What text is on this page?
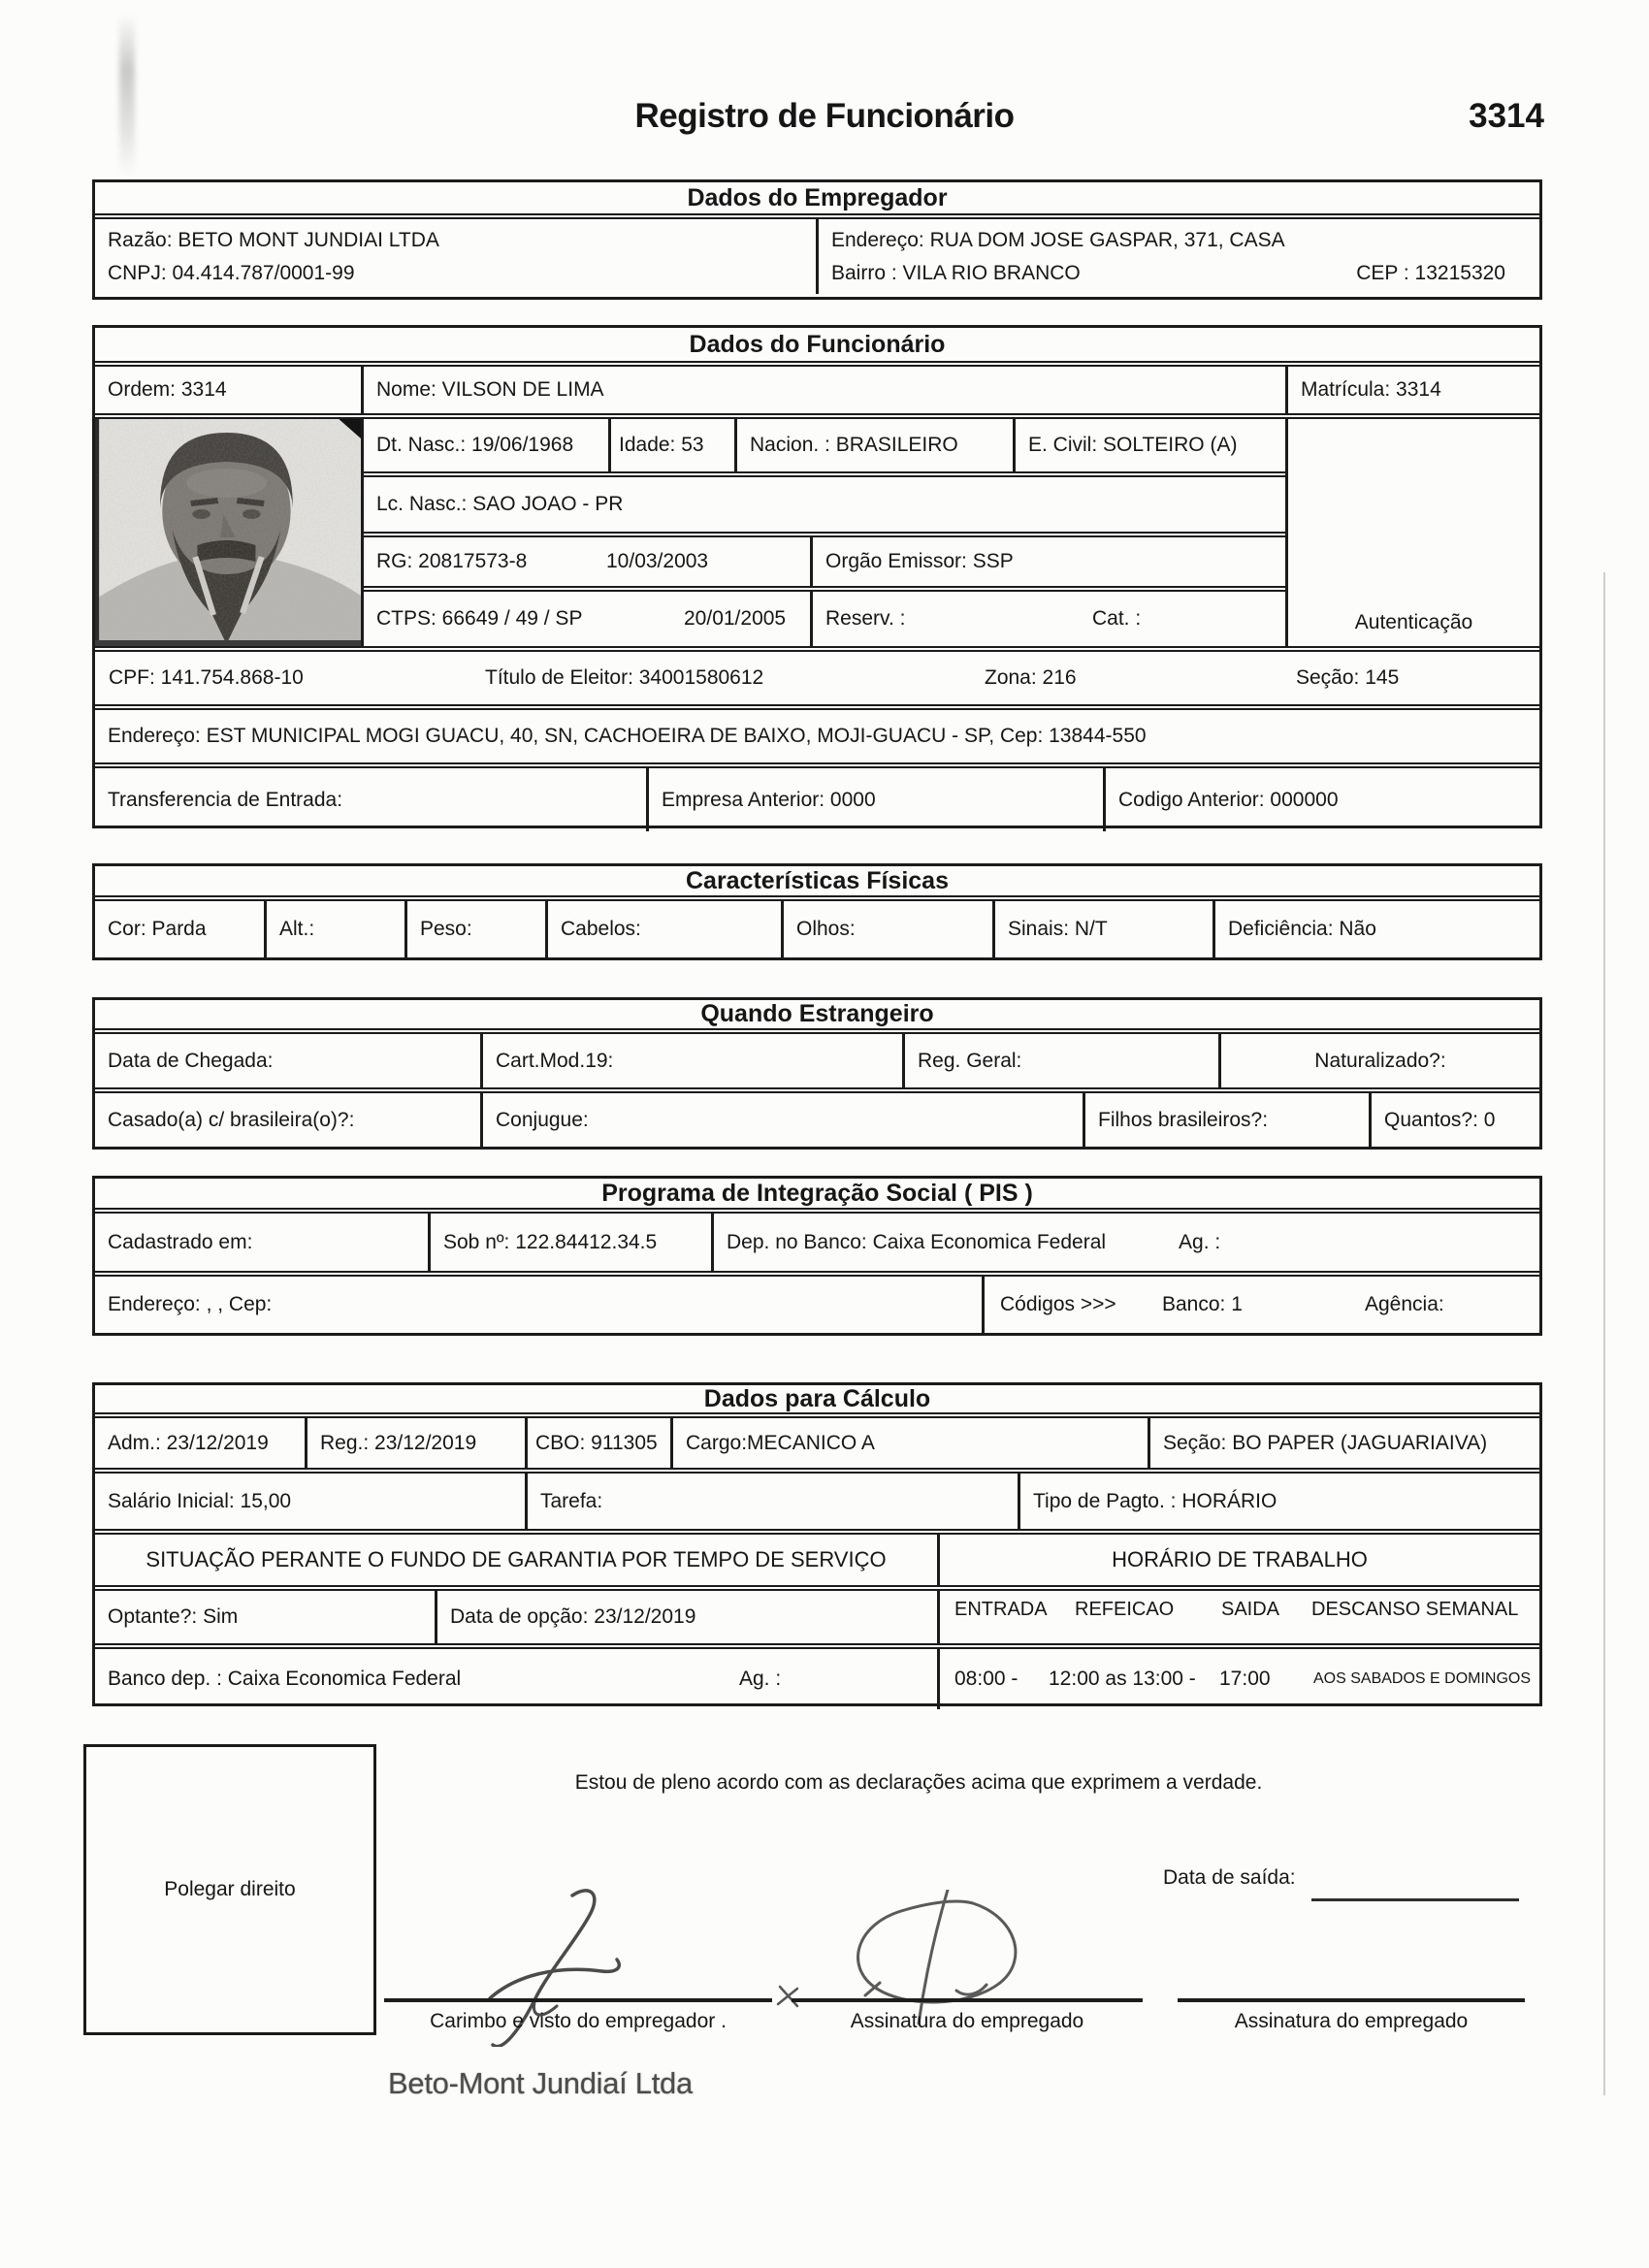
Registro de Funcionário	3314
Dados do Empregador
Razão: BETO MONT JUNDIAI LTDA
CNPJ: 04.414.787/0001-99
Endereço: RUA DOM JOSE GASPAR, 371, CASA
Bairro : VILA RIO BRANCO	CEP : 13215320
Dados do Funcionário
Ordem: 3314	Nome: VILSON DE LIMA	Matrícula: 3314
Dt. Nasc.: 19/06/1968	Idade: 53	Nacion. : BRASILEIRO	E. Civil: SOLTEIRO (A)
Lc. Nasc.: SAO JOAO - PR
RG: 20817573-8	10/03/2003	Orgão Emissor: SSP
CTPS: 66649 / 49 / SP	20/01/2005 Reserv. :	Cat. :	Autenticação
CPF: 141.754.868-10	Título de Eleitor: 34001580612	Zona: 216	Seção: 145
Endereço: EST MUNICIPAL MOGI GUACU, 40, SN, CACHOEIRA DE BAIXO, MOJI-GUACU - SP, Cep: 13844-550
Transferencia de Entrada:	Empresa Anterior: 0000	Codigo Anterior: 000000
Características Físicas
Cor: Parda	Alt.:	Peso:	Cabelos:	Olhos:	Sinais: N/T	Deficiência: Não
Quando Estrangeiro
Data de Chegada:	Cart.Mod.19:	Reg. Geral:	Naturalizado?:
Casado(a) c/ brasileira(o)?:	Conjugue:	Filhos brasileiros?:	Quantos?: 0
Programa de Integração Social ( PIS )
Cadastrado em:	Sob nº: 122.84412.34.5	Dep. no Banco: Caixa Economica Federal	Ag. :
Endereço: , , Cep:	Códigos >>> Banco: 1	Agência:
Dados para Cálculo
Adm.: 23/12/2019	Reg.: 23/12/2019	CBO: 911305	Cargo:MECANICO A	Seção: BO PAPER (JAGUARIAIVA)
Salário Inicial: 15,00	Tarefa:	Tipo de Pagto. : HORÁRIO
SITUAÇÃO PERANTE O FUNDO DE GARANTIA POR TEMPO DE SERVIÇO	HORÁRIO DE TRABALHO
Optante?: Sim	Data de opção: 23/12/2019	ENTRADA REFEICAO SAIDA DESCANSO SEMANAL
Banco dep. : Caixa Economica Federal	Ag. :	08:00 - 12:00 as 13:00 - 17:00	AOS SABADOS E DOMINGOS
Polegar direito
Estou de pleno acordo com as declarações acima que exprimem a verdade.
Data de saída:
Carimbo e visto do empregador .	Assinatura do empregado	Assinatura do empregado
Beto-Mont Jundiaí Ltda
